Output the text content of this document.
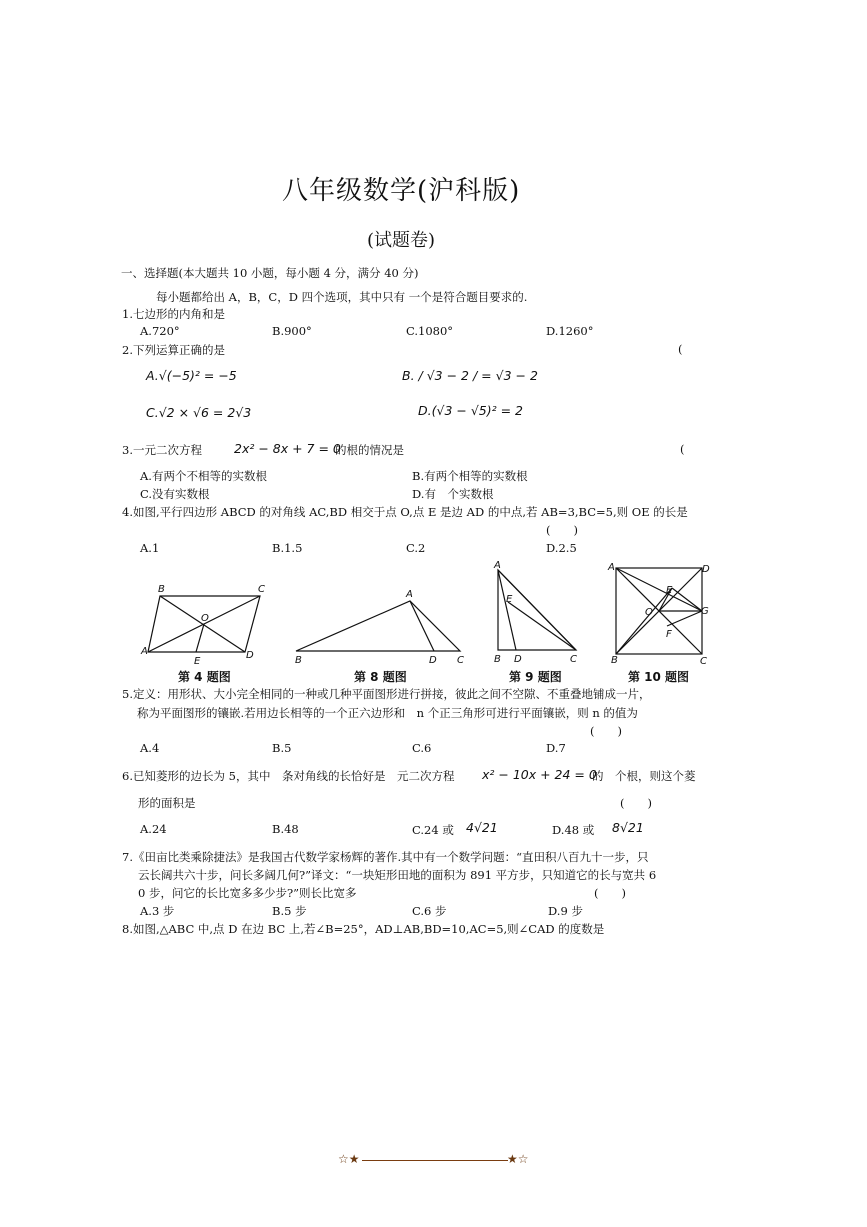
八年级数学(沪科版)
(试题卷)
一、选择题(本大题共 10 小题，每小题 4 分，满分 40 分)
每小题都给出 A，B，C，D 四个选项，其中只有 一个是符合题目要求的.
1.七边形的内角和是
A.720°	B.900°	C.1080°	D.1260°
2.下列运算正确的是	(
A.√(−5)² = −5	B. / √3 − 2 / = √3 − 2
C.√2 × √6 = 2√3	D.(√3 − √5)² = 2
3.一元二次方程	2x² − 8x + 7 = 0
的根的情况是	(
A.有两个不相等的实数根	B.有两个相等的实数根
C.没有实数根	D.有　个实数根
4.如图,平行四边形 ABCD 的对角线 AC,BD 相交于点 O,点 E 是边 AD 的中点,若 AB=3,BC=5,则 OE 的长是
(　　)
A.1	B.1.5	C.2	D.2.5
B	C
A	D
O
E
第 4 题图
A
B	C
D
第 8 题图
A
E
B D	C
第 9 题图
A	D
B	C
E
O	G
F
第 10 题图
5.定义：用形状、大小完全相同的一种或几种平面图形进行拼接，彼此之间不空隙、不重叠地铺成一片，
称为平面图形的镶嵌.若用边长相等的一个正六边形和　n 个正三角形可进行平面镶嵌，则 n 的值为
(　　)
A.4	B.5	C.6	D.7
6.已知菱形的边长为 5，其中　条对角线的长恰好是　元二次方程 x² − 10x + 24 = 0
的　个根，则这个菱
形的面积是	(　　)
A.24	B.48	C.24 或 4√21	D.48 或 8√21
7.《田亩比类乘除捷法》是我国古代数学家杨辉的著作.其中有一个数学问题：“直田积八百九十一步，只
云长阔共六十步，问长多阔几何?”译文：“一块矩形田地的面积为 891 平方步，只知道它的长与宽共 6
0 步，问它的长比宽多多少步?”则长比宽多	(　　)
A.3 步	B.5 步	C.6 步	D.9 步
8.如图,△ABC 中,点 D 在边 BC 上,若∠B=25°，AD⊥AB,BD=10,AC=5,则∠CAD 的度数是
☆★	★☆
